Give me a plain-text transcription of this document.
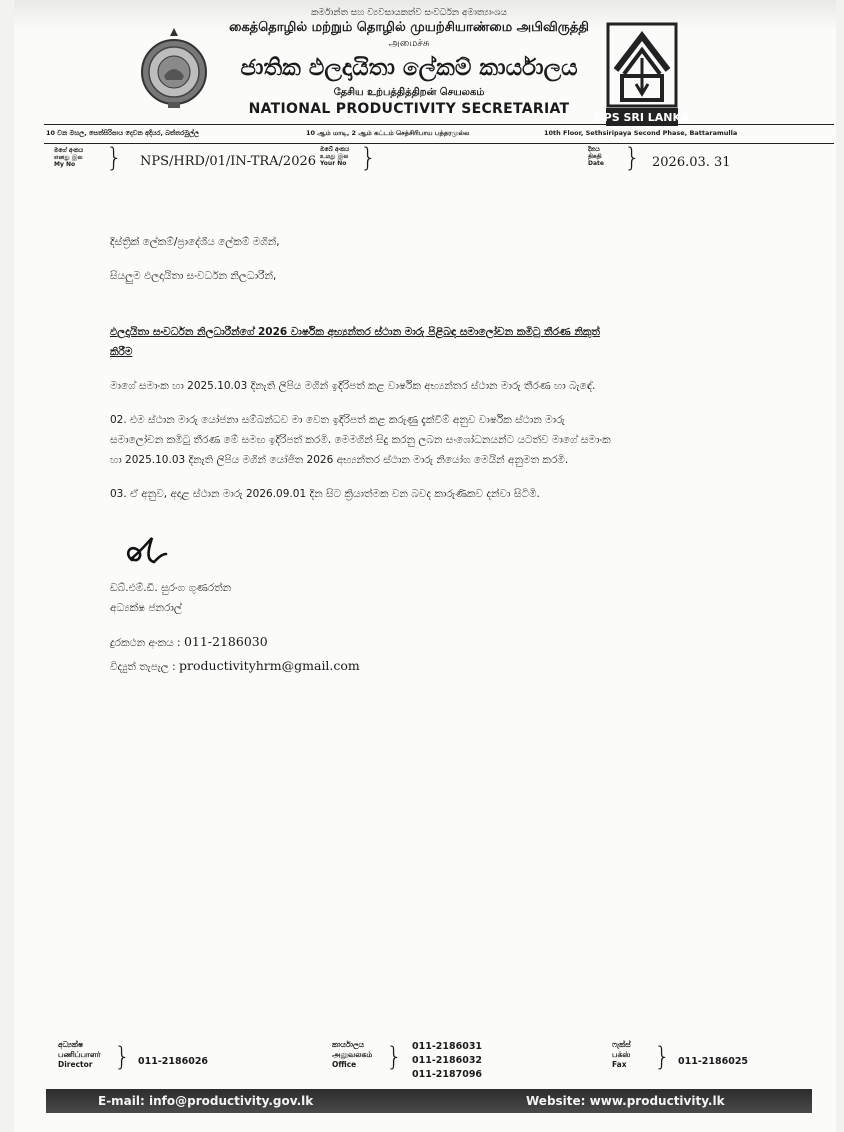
කර්මාන්ත සහ ව්‍යවසායකත්ව සංවර්ධන අමාත්‍යාංශය
கைத்தொழில் மற்றும் தொழில் முயற்சியாண்மை அபிவிருத்தி
அமைச்சு
ජාතික ඵලදායිතා ලේකම් කාර්යාලය
தேசிய உற்பத்தித்திறன் செயலகம்
NATIONAL PRODUCTIVITY SECRETARIAT
NPS SRI LANKA
10 වන මහල, සෙත්සිරිපාය දෙවන අදියර, බත්තරමුල්ල	10 ஆம் மாடி, 2 ஆம் கட்டம் செத்சிரிபாய பத்தரமுல்ல	10th Floor, Sethsiripaya Second Phase, Battaramulla
මගේ අංකය
எனது இல
My No	} NPS/HRD/01/IN-TRA/2026
ඔබේ අංකය
உமது இல
Your No }	දිනය
திகதி
Date } 2026.03. 31
දිස්ත්‍රික් ලේකම්/ප්‍රාදේශීය ලේකම් මගින්,
සියලුම ඵලදායිතා සංවර්ධන නිලධාරීන්,
ඵලදායිතා සංවර්ධන නිලධාරීන්ගේ 2026 වාර්ෂික අභ්‍යන්තර ස්ථාන මාරු පිළිබඳ සමාලෝචන කමිටු තීරණ නිකුත්
කිරීම
මාගේ සමාංක හා 2025.10.03 දිනැති ලිපිය මගින් ඉදිරිපත් කළ වාර්ෂික අභ්‍යන්තර ස්ථාන මාරු තීරණ හා බැඳේ.
02. එම ස්ථාන මාරු යෝජනා සම්බන්ධව මා වෙත ඉදිරිපත් කළ කරුණු දැක්වීම් අනුව වාර්ෂික ස්ථාන මාරු
සමාලෝචන කමිටු තීරණ මේ සමඟ ඉදිරිපත් කරමි. මෙමගින් සිදු කරනු ලබන සංශෝධනයන්ට යටත්ව මාගේ සමාංක
හා 2025.10.03 දිනැති ලිපිය මගින් යෝජිත 2026 අභ්‍යන්තර ස්ථාන මාරු නියෝග මෙයින් අනුමත කරමි.
03. ඒ අනුව, අදාළ ස්ථාන මාරු 2026.09.01 දින සිට ක්‍රියාත්මක වන බවද කාරුණිකව දන්වා සිටිමි.
ඩබ්.එම්.ඩී. සුරංග ගුණරත්න
අධ්‍යක්ෂ ජනරාල්
දුරකථන අංකය : 011-2186030
විද්‍යුත් තැපැල : productivityhrm@gmail.com
අධ්‍යක්ෂ
பணிப்பாளர்
Director } 011-2186026
කාර්යාලය
அலுவலகம்
Office	} 011-2186031
011-2186032
011-2187096
ෆැක්ස්
பக்ஸ்
Fax } 011-2186025
E-mail: info@productivity.gov.lk	Website: www.productivity.lk
